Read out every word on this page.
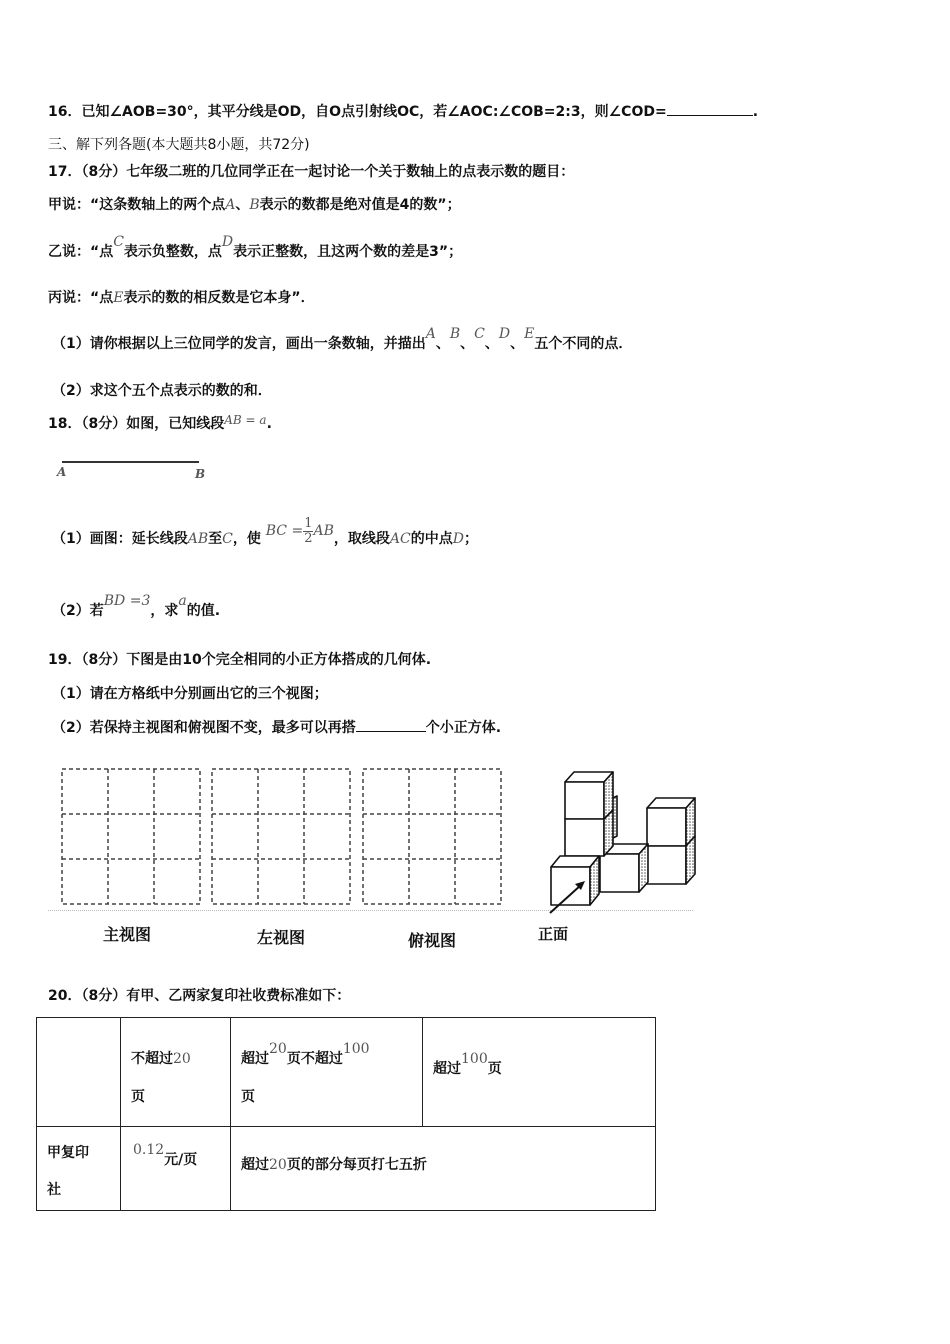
16．已知∠AOB=30°，其平分线是OD，自O点引射线OC，若∠AOC:∠COB=2:3，则∠COD=	.
三、解下列各题(本大题共8小题，共72分)
17．（8分）七年级二班的几位同学正在一起讨论一个关于数轴上的点表示数的题目：
甲说：“这条数轴上的两个点A、B表示的数都是绝对值是4的数”；
乙说：“点C表示负整数，点D表示正整数，且这两个数的差是3”；
丙说：“点E表示的数的相反数是它本身”．
（1）请你根据以上三位同学的发言，画出一条数轴，并描出A、B、C、D、E五个不同的点．
（2）求这个五个点表示的数的和．
18．（8分）如图，已知线段AB = a.
A	B
（1）画图：延长线段AB至C，使 BC = $\frac{1}{2}$ AB，取线段AC的中点D；
（2）若BD =3，求a的值.
19．（8分）下图是由10个完全相同的小正方体搭成的几何体.
（1）请在方格纸中分别画出它的三个视图；
（2）若保持主视图和俯视图不变，最多可以再搭	个小正方体.
主视图	左视图	俯视图	正面
20．（8分）有甲、乙两家复印社收费标准如下：

	不超过20
页	超过20页不超过100
页	超过100页

甲复印
社	0.12元/页	超过20页的部分每页打七五折	
